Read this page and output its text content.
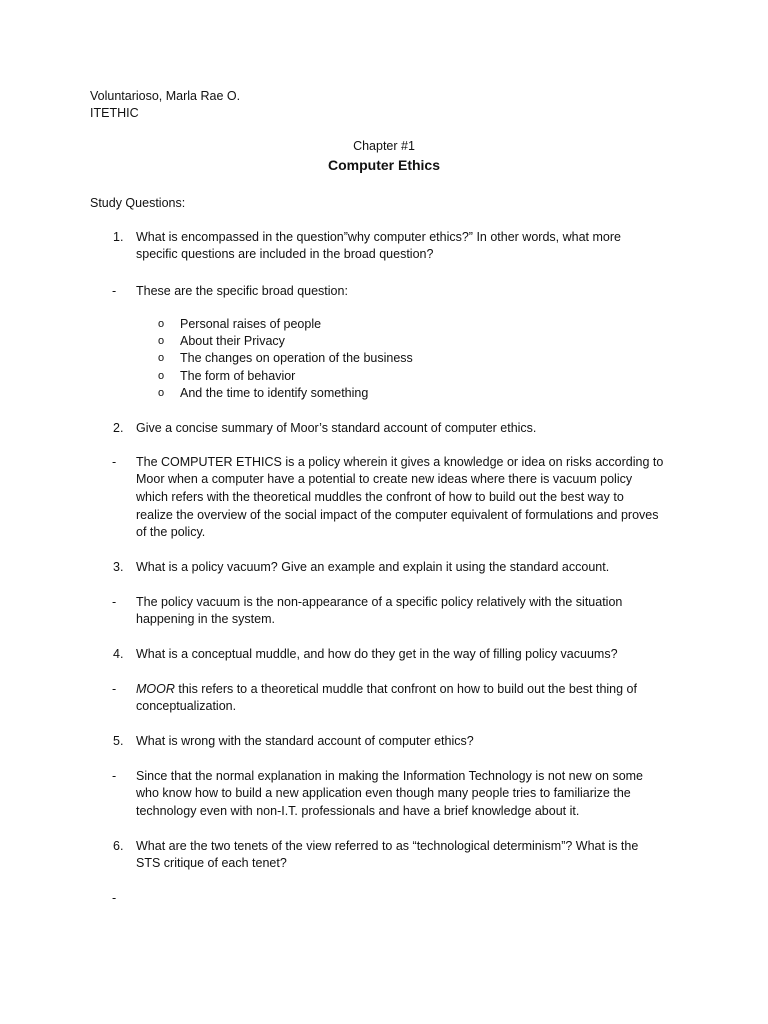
Voluntarioso, Marla Rae O.
ITETHIC
Chapter #1
Computer Ethics
Study Questions:
1.	What is encompassed in the question”why computer ethics?” In other words, what more
specific questions are included in the broad question?
- These are the specific broad question:
o Personal raises of people
o About their Privacy
o The changes on operation of the business
o The form of behavior
o And the time to identify something
2.	Give a concise summary of Moor’s standard account of computer ethics.
- The COMPUTER ETHICS is a policy wherein it gives a knowledge or idea on risks according to
Moor when a computer have a potential to create new ideas where there is vacuum policy
which refers with the theoretical muddles the confront of how to build out the best way to
realize the overview of the social impact of the computer equivalent of formulations and proves
of the policy.
3.	What is a policy vacuum? Give an example and explain it using the standard account.
- The policy vacuum is the non-appearance of a specific policy relatively with the situation
happening in the system.
4.	What is a conceptual muddle, and how do they get in the way of filling policy vacuums?
- MOOR this refers to a theoretical muddle that confront on how to build out the best thing of
conceptualization.
5.	What is wrong with the standard account of computer ethics?
- Since that the normal explanation in making the Information Technology is not new on some
who know how to build a new application even though many people tries to familiarize the
technology even with non-I.T. professionals and have a brief knowledge about it.
6.	What are the two tenets of the view referred to as “technological determinism”? What is the
STS critique of each tenet?
-
